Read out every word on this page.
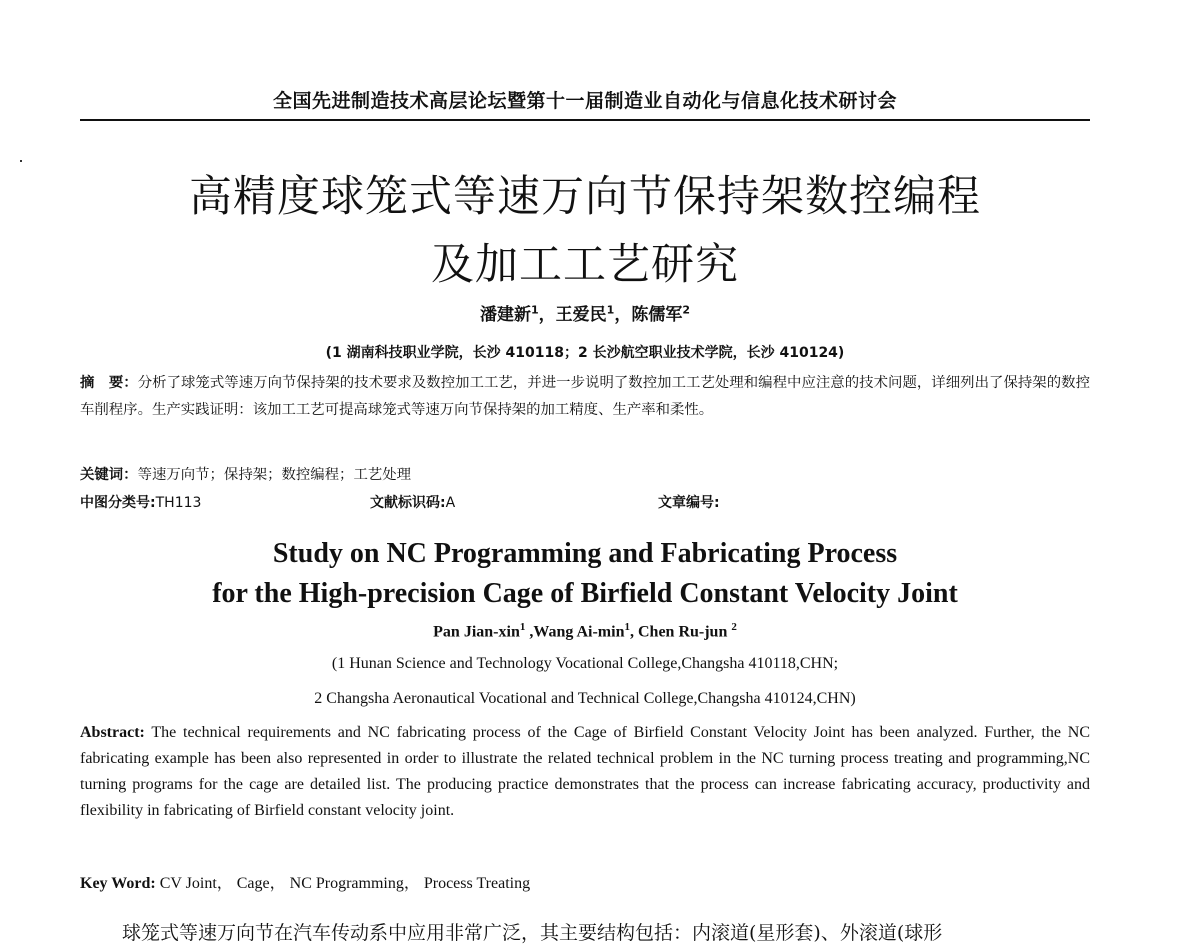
全国先进制造技术高层论坛暨第十一届制造业自动化与信息化技术研讨会
高精度球笼式等速万向节保持架数控编程
及加工工艺研究
潘建新$^1$，王爱民$^1$，陈儒军$^2$
(1 湖南科技职业学院，长沙 410118；2 长沙航空职业技术学院，长沙 410124)
摘　要：分析了球笼式等速万向节保持架的技术要求及数控加工工艺，并进一步说明了数控加工工艺处理和编程中应注意的技术问题，详细列出了保持架的数控车削程序。生产实践证明：该加工工艺可提高球笼式等速万向节保持架的加工精度、生产率和柔性。
关键词：等速万向节；保持架；数控编程；工艺处理
中图分类号:TH113	文献标识码:A	文章编号:
Study on NC Programming and Fabricating Process
for the High-precision Cage of Birfield Constant Velocity Joint
Pan Jian-xin$^1$ ,Wang $Ai-\min^1$, Chen Ru-jun $^2$
(1 Hunan Science and Technology Vocational College,Changsha 410118,CHN;
2 Changsha Aeronautical Vocational and Technical College,Changsha 410124,CHN)
Abstract: The technical requirements and NC fabricating process of the Cage of Birfield Constant Velocity Joint has been analyzed. Further, the NC fabricating example has been also represented in order to illustrate the related technical problem in the NC turning process treating and programming,NC turning programs for the cage are detailed list. The producing practice demonstrates that the process can increase fabricating accuracy, productivity and flexibility in fabricating of Birfield constant velocity joint.
Key Word: CV Joint， Cage， NC Programming， Process Treating
球笼式等速万向节在汽车传动系中应用非常广泛，其主要结构包括：内滚道(星形套)、外滚道(球形
